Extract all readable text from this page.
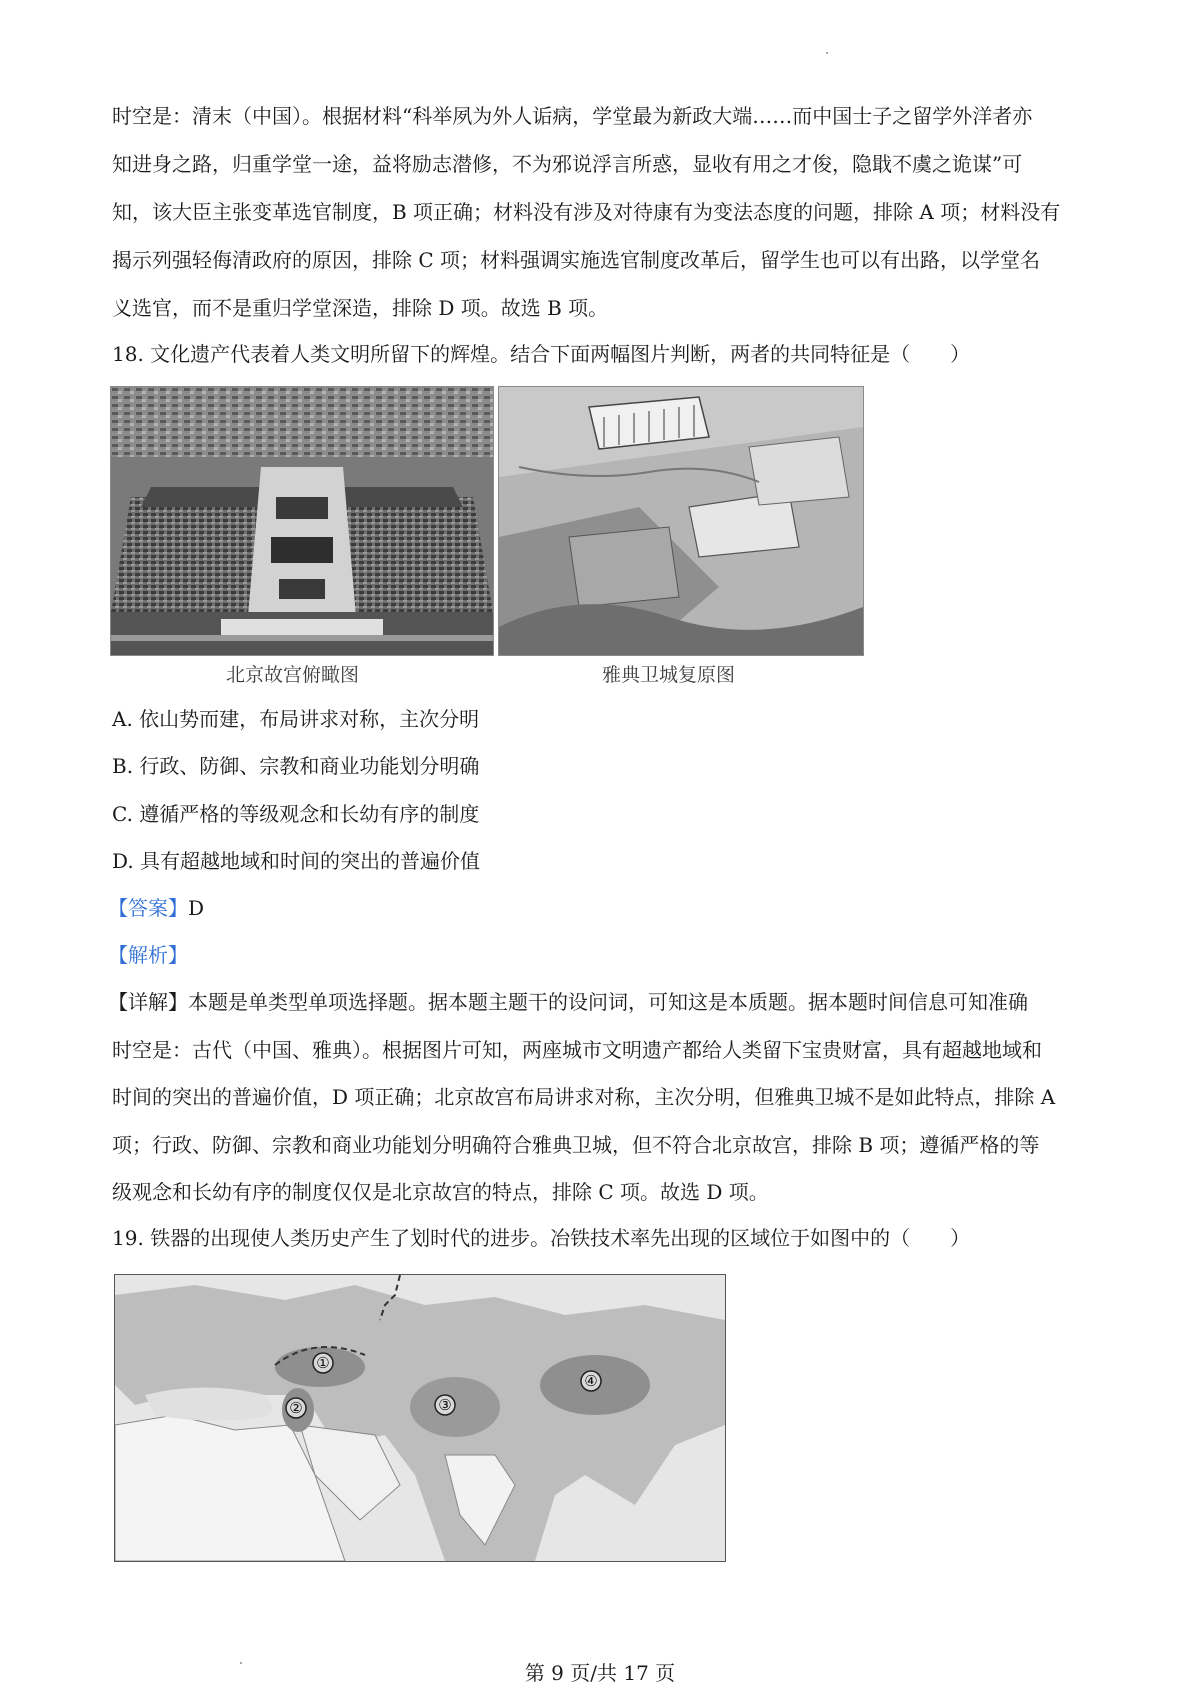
时空是：清末（中国）。根据材料“科举夙为外人诟病，学堂最为新政大端……而中国士子之留学外洋者亦
知进身之路，归重学堂一途，益将励志潜修，不为邪说浮言所惑，显收有用之才俊，隐戢不虞之诡谋”可
知，该大臣主张变革选官制度，B 项正确；材料没有涉及对待康有为变法态度的问题，排除 A 项；材料没有
揭示列强轻侮清政府的原因，排除 C 项；材料强调实施选官制度改革后，留学生也可以有出路，以学堂名
义选官，而不是重归学堂深造，排除 D 项。故选 B 项。
18. 文化遗产代表着人类文明所留下的辉煌。结合下面两幅图片判断，两者的共同特征是（　　）
北京故宫俯瞰图	雅典卫城复原图
A. 依山势而建，布局讲求对称，主次分明
B. 行政、防御、宗教和商业功能划分明确
C. 遵循严格的等级观念和长幼有序的制度
D. 具有超越地域和时间的突出的普遍价值
【答案】D
【解析】
【详解】本题是单类型单项选择题。据本题主题干的设问词，可知这是本质题。据本题时间信息可知准确
时空是：古代（中国、雅典）。根据图片可知，两座城市文明遗产都给人类留下宝贵财富，具有超越地域和
时间的突出的普遍价值，D 项正确；北京故宫布局讲求对称，主次分明，但雅典卫城不是如此特点，排除 A
项；行政、防御、宗教和商业功能划分明确符合雅典卫城，但不符合北京故宫，排除 B 项；遵循严格的等
级观念和长幼有序的制度仅仅是北京故宫的特点，排除 C 项。故选 D 项。
19. 铁器的出现使人类历史产生了划时代的进步。冶铁技术率先出现的区域位于如图中的（　　）
①
②	③
④
第 9 页/共 17 页
